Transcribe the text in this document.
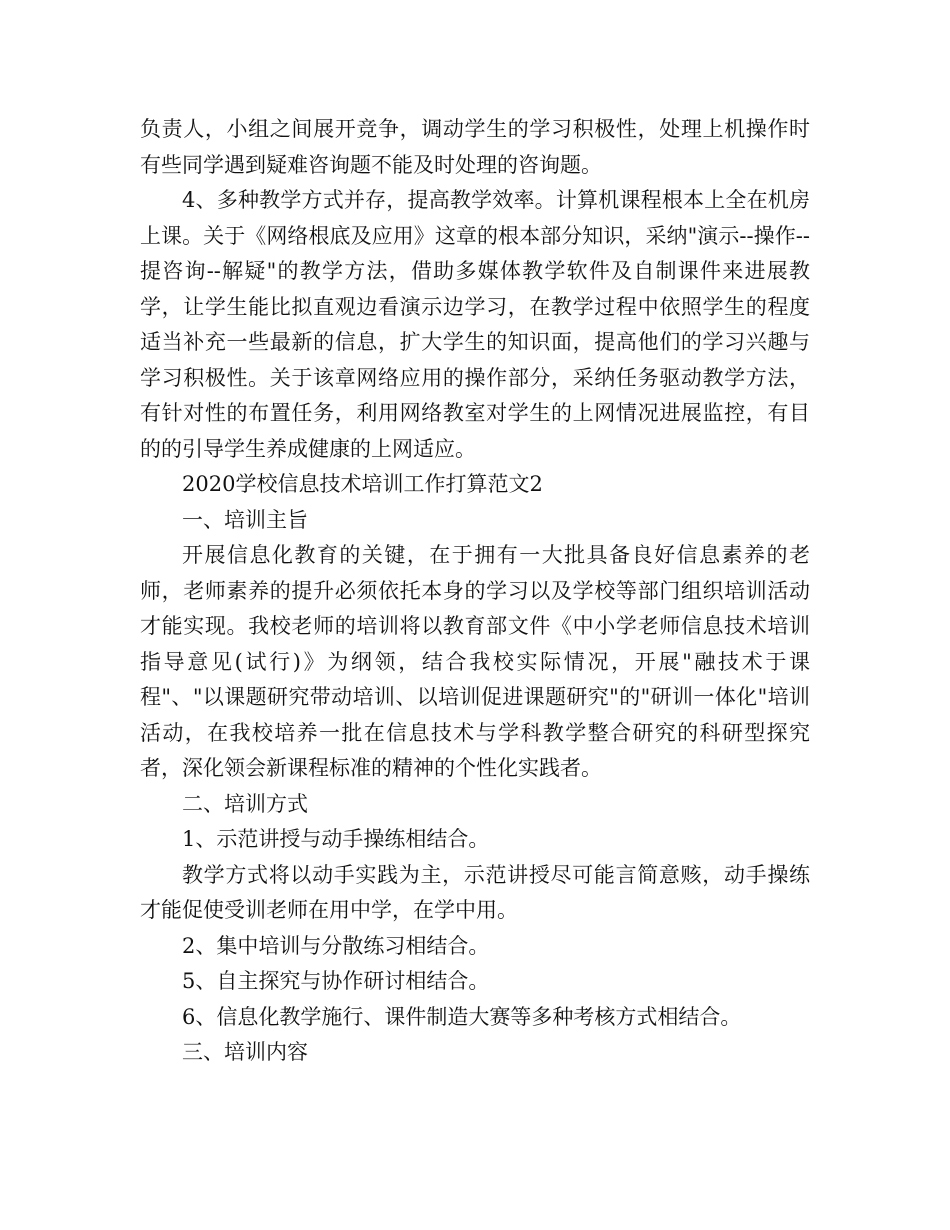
负责人，小组之间展开竞争，调动学生的学习积极性，处理上机操作时有些同学遇到疑难咨询题不能及时处理的咨询题。

4、多种教学方式并存，提高教学效率。计算机课程根本上全在机房上课。关于《网络根底及应用》这章的根本部分知识，采纳"演示--操作--提咨询--解疑"的教学方法，借助多媒体教学软件及自制课件来进展教学，让学生能比拟直观边看演示边学习，在教学过程中依照学生的程度适当补充一些最新的信息，扩大学生的知识面，提高他们的学习兴趣与学习积极性。关于该章网络应用的操作部分，采纳任务驱动教学方法，有针对性的布置任务，利用网络教室对学生的上网情况进展监控，有目的的引导学生养成健康的上网适应。

2020学校信息技术培训工作打算范文2

一、培训主旨

开展信息化教育的关键，在于拥有一大批具备良好信息素养的老师，老师素养的提升必须依托本身的学习以及学校等部门组织培训活动才能实现。我校老师的培训将以教育部文件《中小学老师信息技术培训指导意见(试行)》为纲领，结合我校实际情况，开展"融技术于课程"、"以课题研究带动培训、以培训促进课题研究"的"研训一体化"培训活动，在我校培养一批在信息技术与学科教学整合研究的科研型探究者，深化领会新课程标准的精神的个性化实践者。

二、培训方式

1、示范讲授与动手操练相结合。

教学方式将以动手实践为主，示范讲授尽可能言简意赅，动手操练才能促使受训老师在用中学，在学中用。

2、集中培训与分散练习相结合。

5、自主探究与协作研讨相结合。

6、信息化教学施行、课件制造大赛等多种考核方式相结合。

三、培训内容
